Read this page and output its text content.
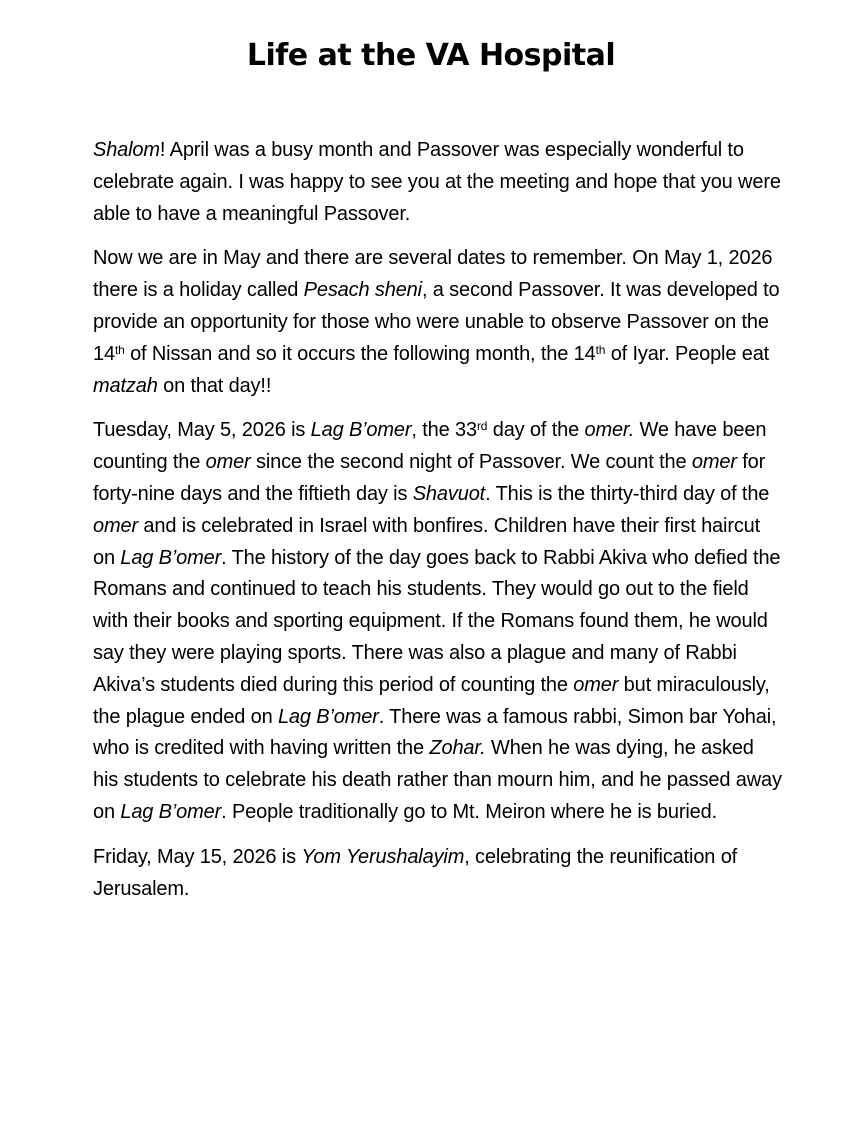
Life at the VA Hospital

Shalom! April was a busy month and Passover was especially wonderful to celebrate again. I was happy to see you at the meeting and hope that you were able to have a meaningful Passover.

Now we are in May and there are several dates to remember. On May 1, 2026 there is a holiday called Pesach sheni, a second Passover. It was developed to provide an opportunity for those who were unable to observe Passover on the 14th of Nissan and so it occurs the following month, the 14th of Iyar. People eat matzah on that day!!

Tuesday, May 5, 2026 is Lag B’omer, the 33rd day of the omer. We have been counting the omer since the second night of Passover. We count the omer for forty-nine days and the fiftieth day is Shavuot. This is the thirty-third day of the omer and is celebrated in Israel with bonfires. Children have their first haircut on Lag B’omer. The history of the day goes back to Rabbi Akiva who defied the Romans and continued to teach his students. They would go out to the field with their books and sporting equipment. If the Romans found them, he would say they were playing sports. There was also a plague and many of Rabbi Akiva’s students died during this period of counting the omer but miraculously, the plague ended on Lag B’omer. There was a famous rabbi, Simon bar Yohai, who is credited with having written the Zohar. When he was dying, he asked his students to celebrate his death rather than mourn him, and he passed away on Lag B’omer. People traditionally go to Mt. Meiron where he is buried.

Friday, May 15, 2026 is Yom Yerushalayim, celebrating the reunification of Jerusalem.
